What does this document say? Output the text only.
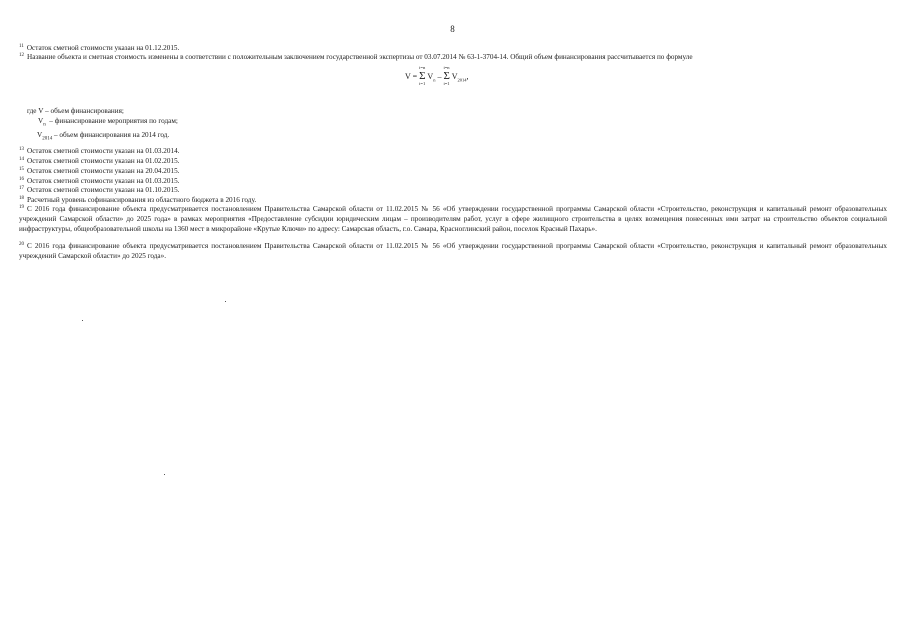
8
$^{11}$ Остаток сметной стоимости указан на 01.12.2015.
$^{12}$ Название объекта и сметная стоимость изменены в соответствии с положительным заключением государственной экспертизы от 03.07.2014 № 63-1-3704-14. Общий объем финансирования рассчитывается по формуле
V = Σ
i=n
i=1
$V_n$ – Σ
i=n
i=1
$V_{2014}$,
где V – объем финансирования;
$V_n$ – финансирование мероприятия по годам;
$V_{2014}$ – объем финансирования на 2014 год.
$^{13}$ Остаток сметной стоимости указан на 01.03.2014.
$^{14}$ Остаток сметной стоимости указан на 01.02.2015.
$^{15}$ Остаток сметной стоимости указан на 20.04.2015.
$^{16}$ Остаток сметной стоимости указан на 01.03.2015.
$^{17}$ Остаток сметной стоимости указан на 01.10.2015.
$^{18}$ Расчетный уровень софинансирования из областного бюджета в 2016 году.
$^{19}$ С 2016 года финансирование объекта предусматривается постановлением Правительства Самарской области от 11.02.2015 № 56 «Об утверждении государственной программы Самарской области «Строительство, реконструкция и капитальный ремонт образовательных учреждений Самарской области» до 2025 года» в рамках мероприятия «Предоставление субсидии юридическим лицам – производителям работ, услуг в сфере жилищного строительства в целях возмещения понесенных ими затрат на строительство объектов социальной инфраструктуры, общеобразовательной школы на 1360 мест в микрорайоне «Крутые Ключи» по адресу: Самарская область, г.о. Самара, Красноглинский район, поселок Красный Пахарь».
$^{20}$ С 2016 года финансирование объекта предусматривается постановлением Правительства Самарской области от 11.02.2015 № 56 «Об утверждении государственной программы Самарской области «Строительство, реконструкция и капитальный ремонт образовательных учреждений Самарской области» до 2025 года».
